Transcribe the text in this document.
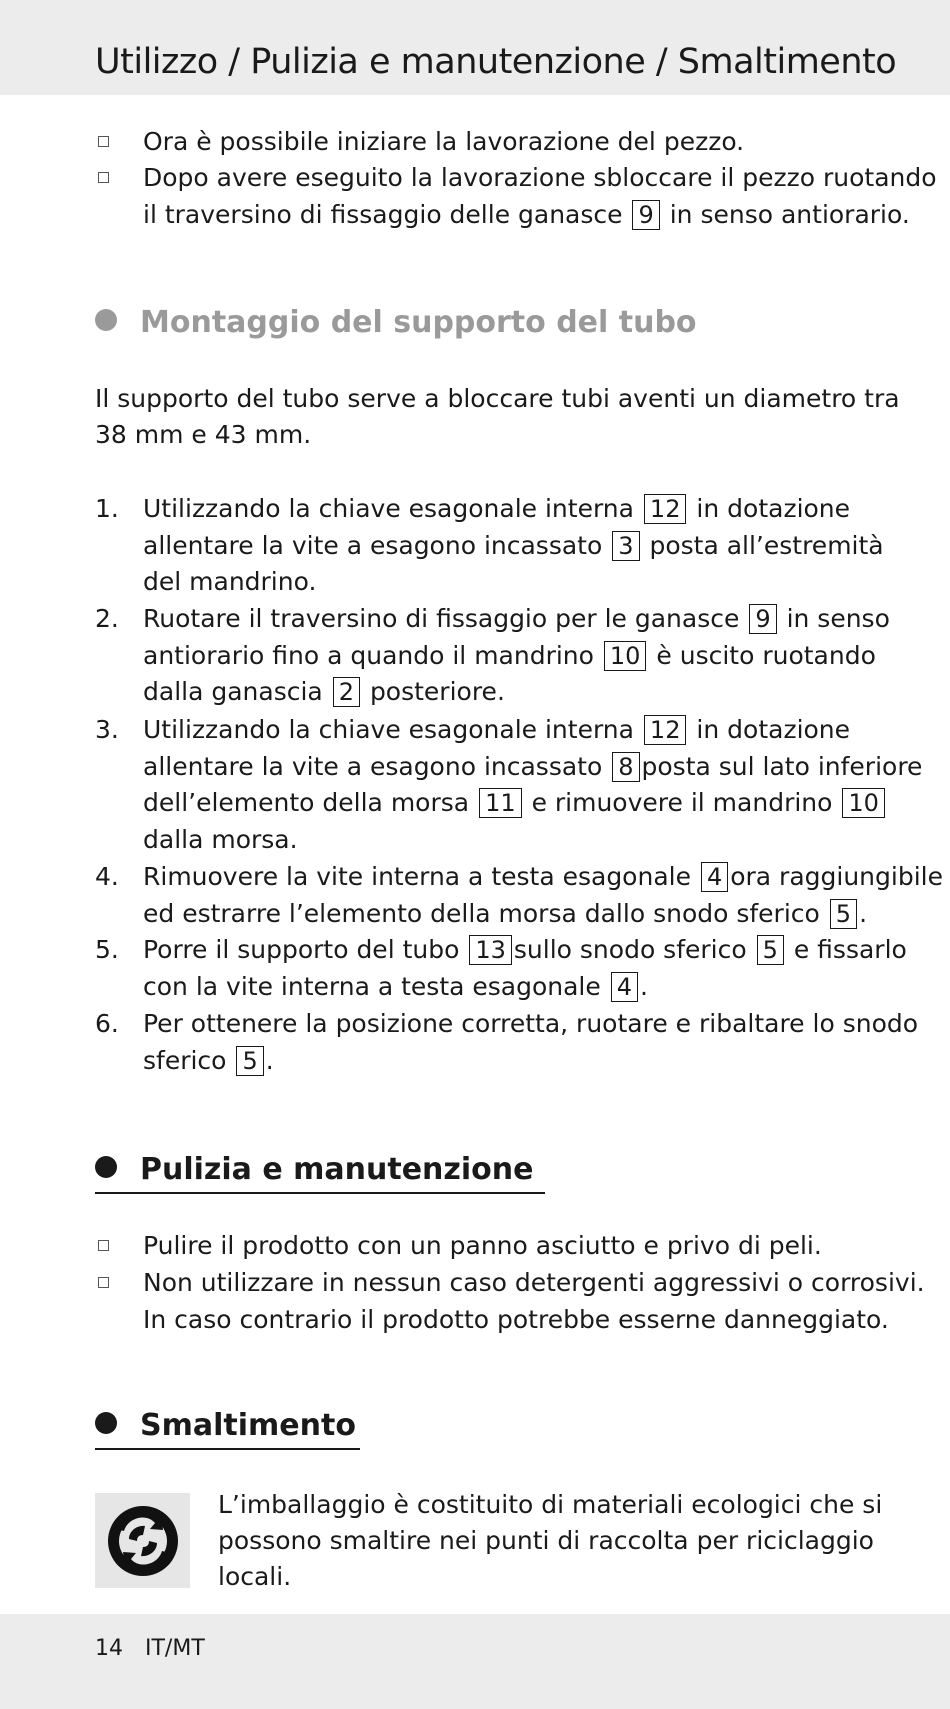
Utilizzo / Pulizia e manutenzione / Smaltimento
Ora è possibile iniziare la lavorazione del pezzo.
Dopo avere eseguito la lavorazione sbloccare il pezzo ruotando
il traversino di fissaggio delle ganasce 9 in senso antiorario.
Montaggio del supporto del tubo
Il supporto del tubo serve a bloccare tubi aventi un diametro tra
38 mm e 43 mm.
1. Utilizzando la chiave esagonale interna 12 in dotazione
allentare la vite a esagono incassato 3 posta all’estremità
del mandrino.
2. Ruotare il traversino di fissaggio per le ganasce 9 in senso
antiorario fino a quando il mandrino 10 è uscito ruotando
dalla ganascia 2 posteriore.
3. Utilizzando la chiave esagonale interna 12 in dotazione
allentare la vite a esagono incassato 8 posta sul lato inferiore
dell’elemento della morsa 11 e rimuovere il mandrino 10
dalla morsa.
4. Rimuovere la vite interna a testa esagonale 4 ora raggiungibile
ed estrarre l’elemento della morsa dallo snodo sferico 5 .
5. Porre il supporto del tubo 13 sullo snodo sferico 5 e fissarlo
con la vite interna a testa esagonale 4 .
6. Per ottenere la posizione corretta, ruotare e ribaltare lo snodo
sferico 5 .
Pulizia e manutenzione
Pulire il prodotto con un panno asciutto e privo di peli.
Non utilizzare in nessun caso detergenti aggressivi o corrosivi.
In caso contrario il prodotto potrebbe esserne danneggiato.
Smaltimento
L’imballaggio è costituito di materiali ecologici che si
possono smaltire nei punti di raccolta per riciclaggio
locali.
14 IT/MT
